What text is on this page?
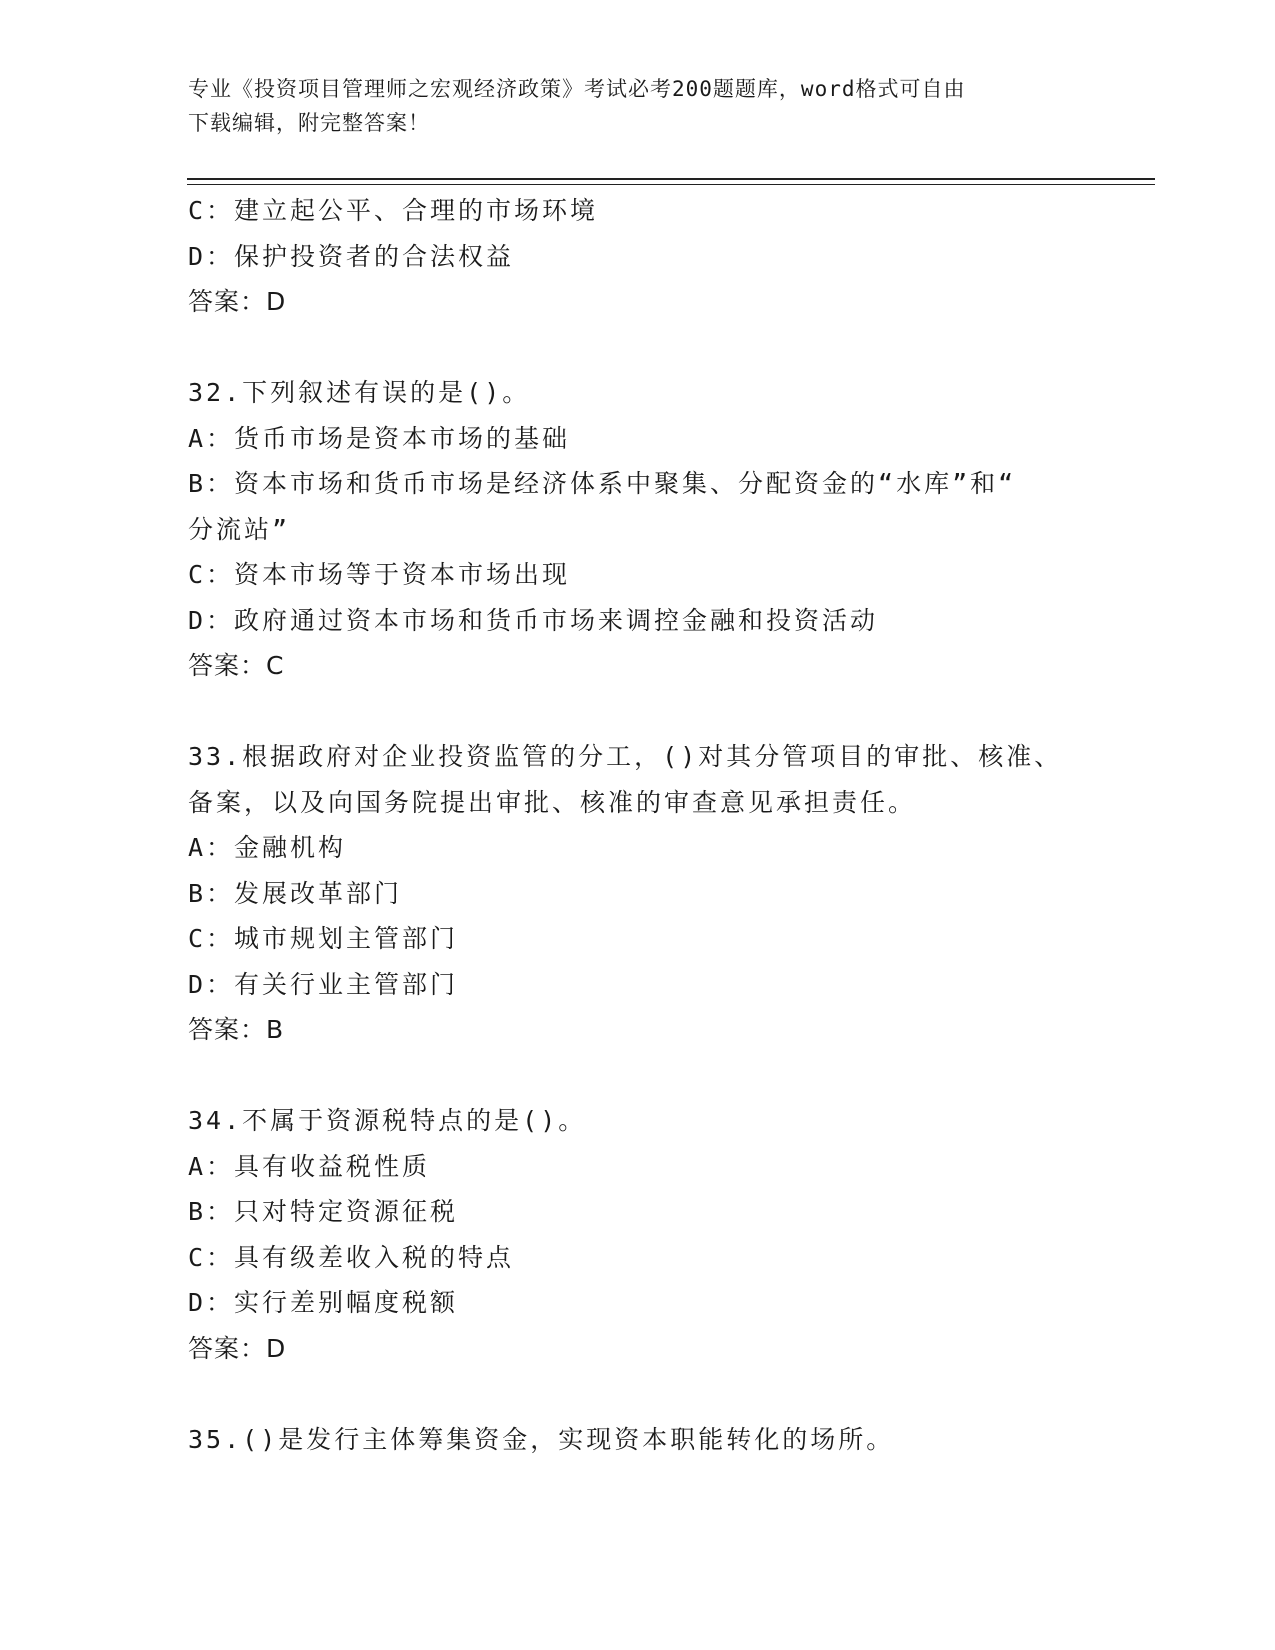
专业《投资项目管理师之宏观经济政策》考试必考200题题库，word格式可自由
下载编辑，附完整答案！

C：建立起公平、合理的市场环境

D：保护投资者的合法权益

答案：D

32.下列叙述有误的是()。

A：货币市场是资本市场的基础

B：资本市场和货币市场是经济体系中聚集、分配资金的“水库”和“

分流站”

C：资本市场等于资本市场出现

D：政府通过资本市场和货币市场来调控金融和投资活动

答案：C

33.根据政府对企业投资监管的分工，()对其分管项目的审批、核准、

备案，以及向国务院提出审批、核准的审查意见承担责任。

A：金融机构

B：发展改革部门

C：城市规划主管部门

D：有关行业主管部门

答案：B

34.不属于资源税特点的是()。

A：具有收益税性质

B：只对特定资源征税

C：具有级差收入税的特点

D：实行差别幅度税额

答案：D

35.()是发行主体筹集资金，实现资本职能转化的场所。
